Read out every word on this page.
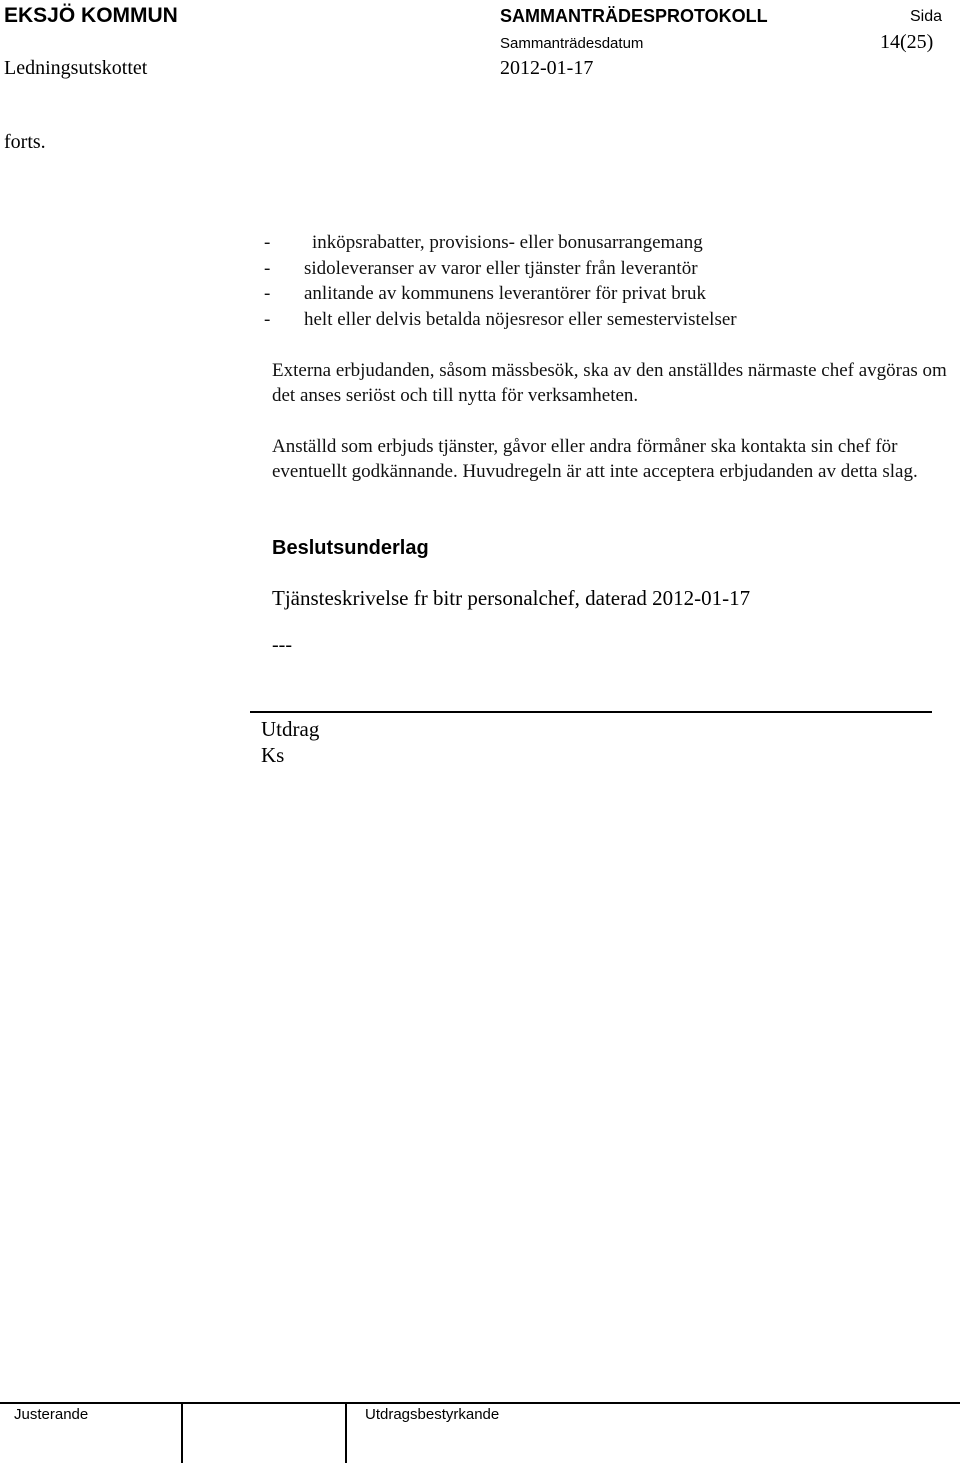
EKSJÖ KOMMUN	SAMMANTRÄDESPROTOKOLL	Sida
Sammanträdesdatum	14(25)
Ledningsutskottet	2012-01-17
forts.
- inköpsrabatter, provisions- eller bonusarrangemang
- sidoleveranser av varor eller tjänster från leverantör
- anlitande av kommunens leverantörer för privat bruk
- helt eller delvis betalda nöjesresor eller semestervistelser
Externa erbjudanden, såsom mässbesök, ska av den anställdes närmaste chef avgöras om det anses seriöst och till nytta för verksamheten.
Anställd som erbjuds tjänster, gåvor eller andra förmåner ska kontakta sin chef för eventuellt godkännande. Huvudregeln är att inte acceptera erbjudanden av detta slag.
Beslutsunderlag
Tjänsteskrivelse fr bitr personalchef, daterad 2012-01-17
---
Utdrag
Ks
Justerande	Utdragsbestyrkande
